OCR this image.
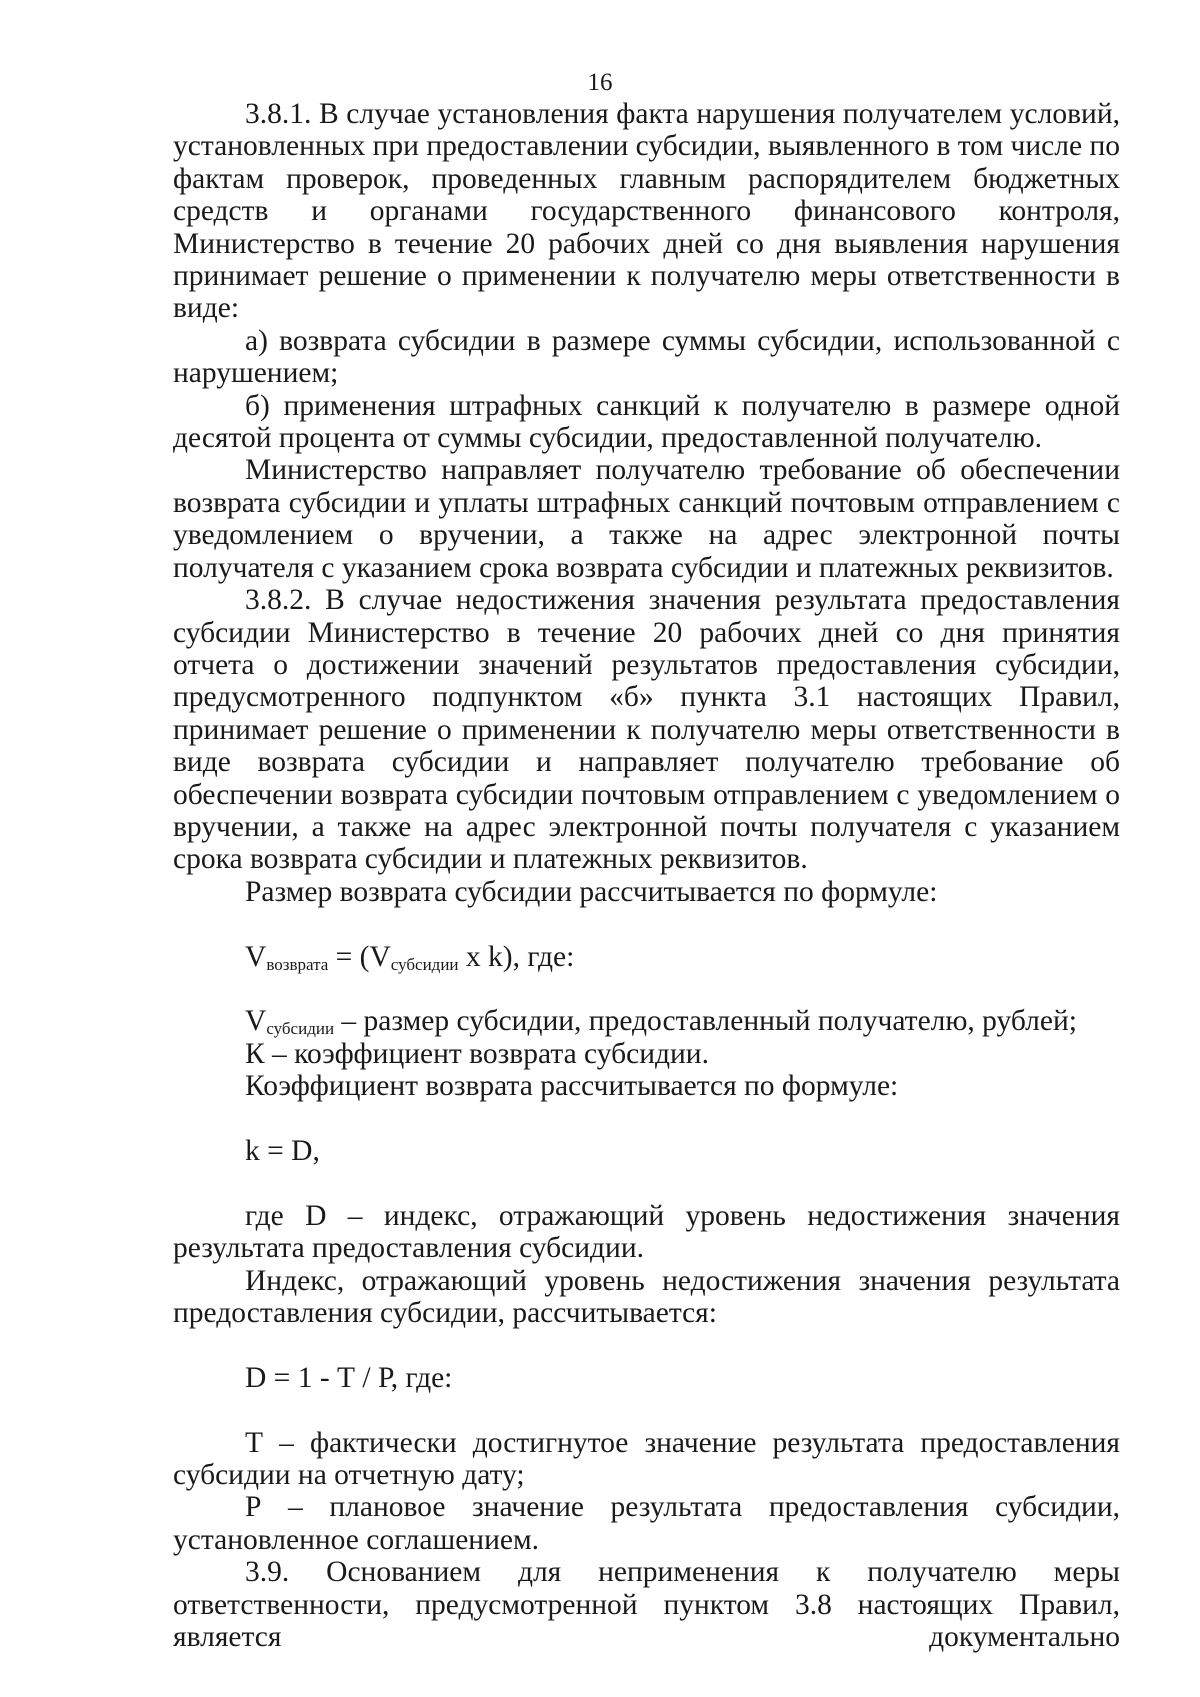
16

3.8.1. В случае установления факта нарушения получателем условий, установленных при предоставлении субсидии, выявленного в том числе по фактам проверок, проведенных главным распорядителем бюджетных средств и органами государственного финансового контроля, Министерство в течение 20 рабочих дней со дня выявления нарушения принимает решение о применении к получателю меры ответственности в виде:

а) возврата субсидии в размере суммы субсидии, использованной с нарушением;

б) применения штрафных санкций к получателю в размере одной десятой процента от суммы субсидии, предоставленной получателю.

Министерство направляет получателю требование об обеспечении возврата субсидии и уплаты штрафных санкций почтовым отправлением с уведомлением о вручении, а также на адрес электронной почты получателя с указанием срока возврата субсидии и платежных реквизитов.

3.8.2. В случае недостижения значения результата предоставления субсидии Министерство в течение 20 рабочих дней со дня принятия отчета о достижении значений результатов предоставления субсидии, предусмотренного подпунктом «б» пункта 3.1 настоящих Правил, принимает решение о применении к получателю меры ответственности в виде возврата субсидии и направляет получателю требование об обеспечении возврата субсидии почтовым отправлением с уведомлением о вручении, а также на адрес электронной почты получателя с указанием срока возврата субсидии и платежных реквизитов.

Размер возврата субсидии рассчитывается по формуле:

$V_{возврата} = (V_{субсидии}$ х k), где:

$V_{субсидии}$ – размер субсидии, предоставленный получателю, рублей;

К – коэффициент возврата субсидии.

Коэффициент возврата рассчитывается по формуле:

k = D,

где D – индекс, отражающий уровень недостижения значения результата предоставления субсидии.

Индекс, отражающий уровень недостижения значения результата предоставления субсидии, рассчитывается:

D = 1 - Т / Р, где:

Т – фактически достигнутое значение результата предоставления субсидии на отчетную дату;

Р – плановое значение результата предоставления субсидии, установленное соглашением.

3.9. Основанием для неприменения к получателю меры ответственности, предусмотренной пунктом 3.8 настоящих Правил, является документально
